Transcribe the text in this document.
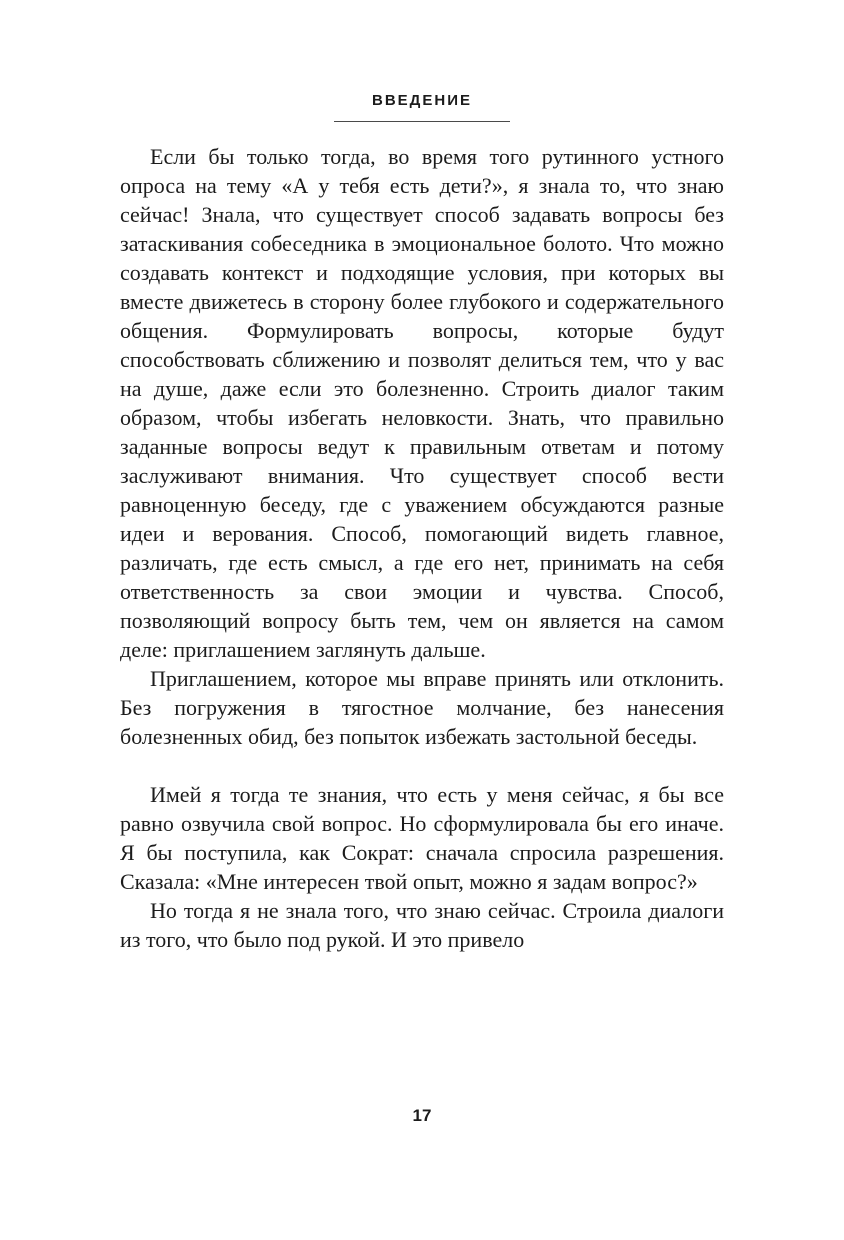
ВВЕДЕНИЕ

Если бы только тогда, во время того рутинного устного опроса на тему «А у тебя есть дети?», я знала то, что знаю сейчас! Знала, что существует способ задавать вопросы без затаскивания собеседника в эмоциональное болото. Что можно создавать контекст и подходящие условия, при которых вы вместе движетесь в сторону более глубокого и содержательного общения. Формулировать вопросы, которые будут способствовать сближению и позволят делиться тем, что у вас на душе, даже если это болезненно. Строить диалог таким образом, чтобы избегать неловкости. Знать, что правильно заданные вопросы ведут к правильным ответам и потому заслуживают внимания. Что существует способ вести равноценную беседу, где с уважением обсуждаются разные идеи и верования. Способ, помогающий видеть главное, различать, где есть смысл, а где его нет, принимать на себя ответственность за свои эмоции и чувства. Способ, позволяющий вопросу быть тем, чем он является на самом деле: приглашением заглянуть дальше.

Приглашением, которое мы вправе принять или отклонить. Без погружения в тягостное молчание, без нанесения болезненных обид, без попыток избежать застольной беседы.

Имей я тогда те знания, что есть у меня сейчас, я бы все равно озвучила свой вопрос. Но сформулировала бы его иначе. Я бы поступила, как Сократ: сначала спросила разрешения. Сказала: «Мне интересен твой опыт, можно я задам вопрос?»

Но тогда я не знала того, что знаю сейчас. Строила диалоги из того, что было под рукой. И это привело

17
